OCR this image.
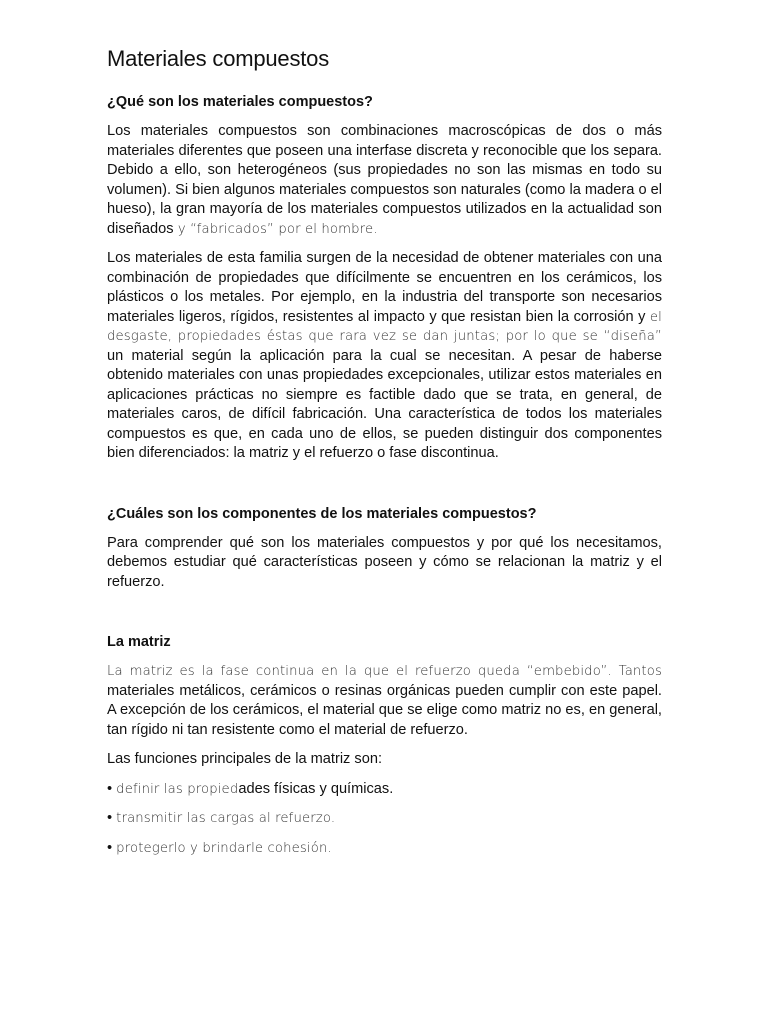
Materiales compuestos

¿Qué son los materiales compuestos?

Los materiales compuestos son combinaciones macroscópicas de dos o más materiales diferentes que poseen una interfase discreta y reconocible que los separa. Debido a ello, son heterogéneos (sus propiedades no son las mismas en todo su volumen). Si bien algunos materiales compuestos son naturales (como la madera o el hueso), la gran mayoría de los materiales compuestos utilizados en la actualidad son diseñados y “fabricados” por el hombre.

Los materiales de esta familia surgen de la necesidad de obtener materiales con una combinación de propiedades que difícilmente se encuentren en los cerámicos, los plásticos o los metales. Por ejemplo, en la industria del transporte son necesarios materiales ligeros, rígidos, resistentes al impacto y que resistan bien la corrosión y el desgaste, propiedades éstas que rara vez se dan juntas; por lo que se “diseña” un material según la aplicación para la cual se necesitan. A pesar de haberse obtenido materiales con unas propiedades excepcionales, utilizar estos materiales en aplicaciones prácticas no siempre es factible dado que se trata, en general, de materiales caros, de difícil fabricación. Una característica de todos los materiales compuestos es que, en cada uno de ellos, se pueden distinguir dos componentes bien diferenciados: la matriz y el refuerzo o fase discontinua.

¿Cuáles son los componentes de los materiales compuestos?

Para comprender qué son los materiales compuestos y por qué los necesitamos, debemos estudiar qué características poseen y cómo se relacionan la matriz y el refuerzo.

La matriz

La matriz es la fase continua en la que el refuerzo queda “embebido”. Tantos materiales metálicos, cerámicos o resinas orgánicas pueden cumplir con este papel. A excepción de los cerámicos, el material que se elige como matriz no es, en general, tan rígido ni tan resistente como el material de refuerzo.

Las funciones principales de la matriz son:

• definir las propiedades físicas y químicas.

• transmitir las cargas al refuerzo.

• protegerlo y brindarle cohesión.
